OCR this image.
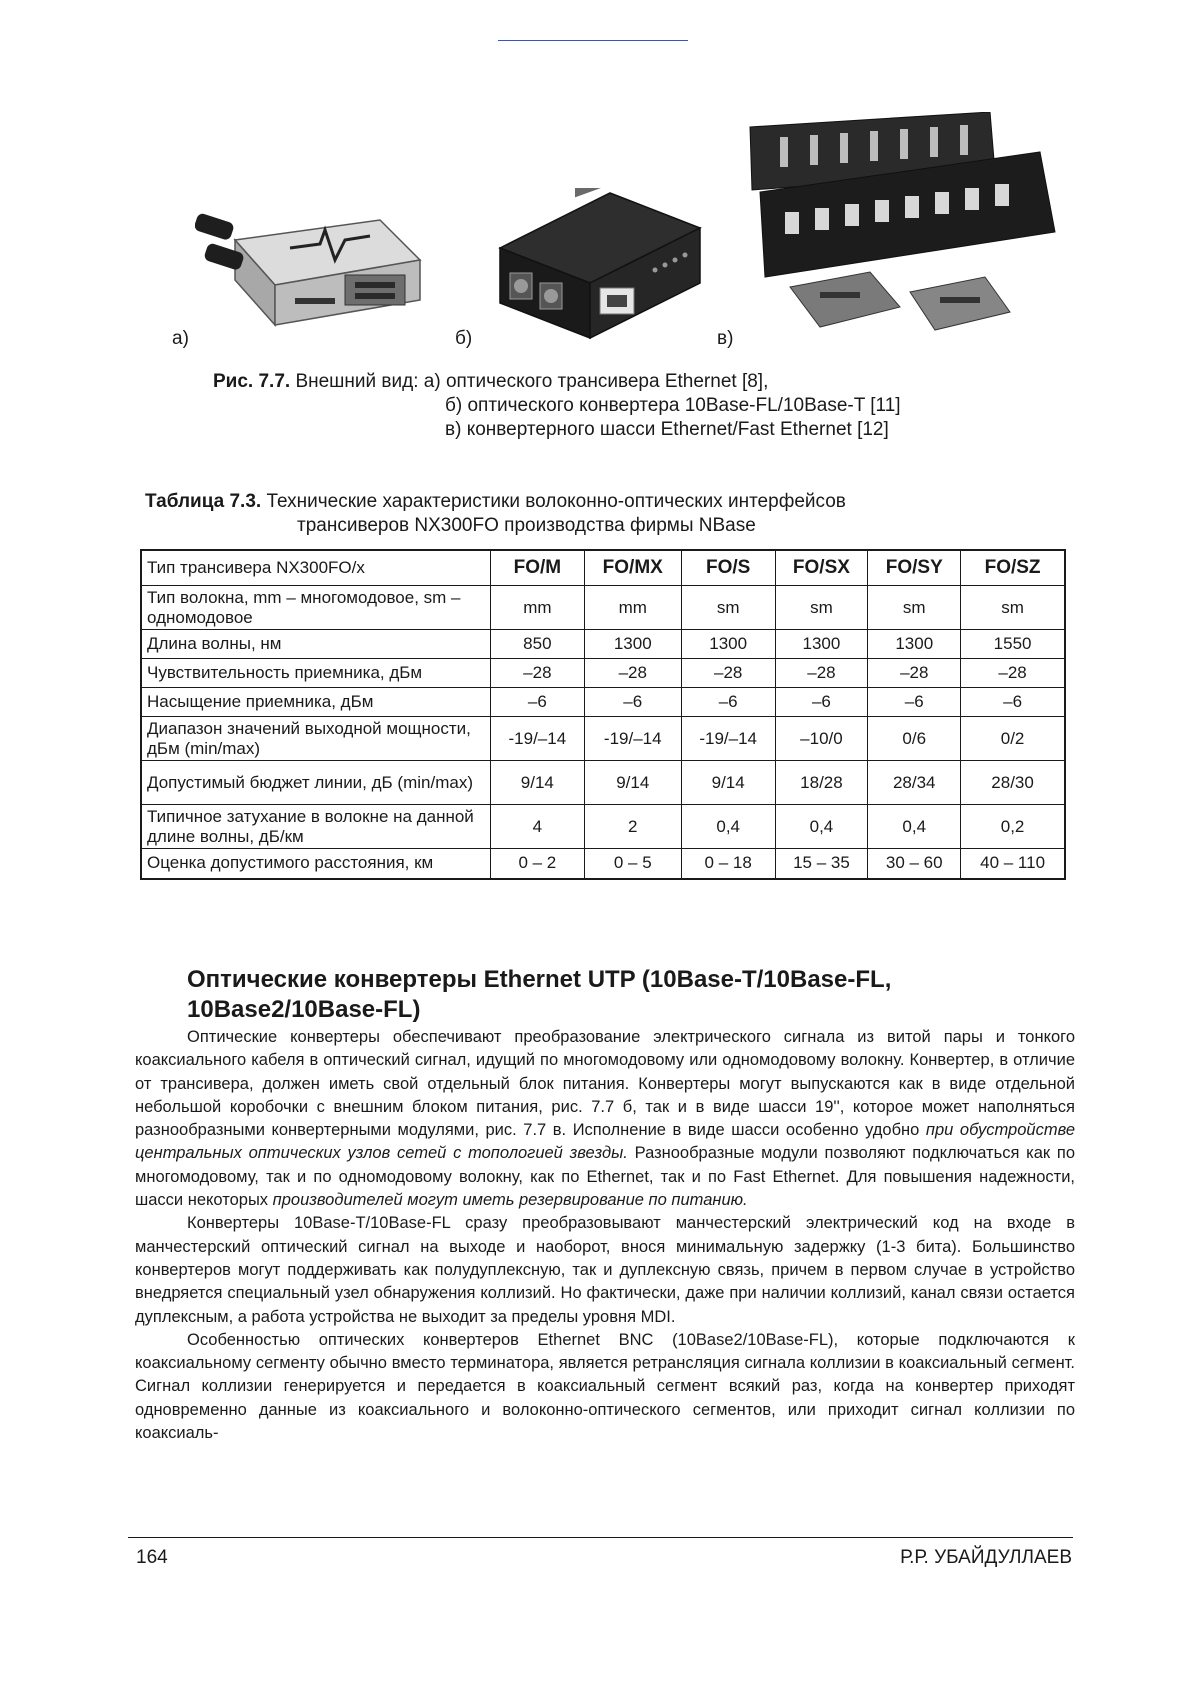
а)	б)	в)
Рис. 7.7. Внешний вид: а) оптического трансивера Ethernet [8],
б) оптического конвертера 10Base-FL/10Base-T [11]
в) конвертерного шасси Ethernet/Fast Ethernet [12]
Таблица 7.3. Технические характеристики волоконно-оптических интерфейсов
трансиверов NX300FO производства фирмы NBase
Тип трансивера NX300FO/x	FO/M	FO/MX	FO/S	FO/SX	FO/SY	FO/SZ
Тип волокна, mm – многомодовое, sm – одномодовое	mm	mm	sm	sm	sm	sm
Длина волны, нм	850	1300	1300	1300	1300	1550
Чувствительность приемника, дБм	–28	–28	–28	–28	–28	–28
Насыщение приемника, дБм	–6	–6	–6	–6	–6	–6
Диапазон значений выходной мощности, дБм (min/max)	-19/–14	-19/–14	-19/–14	–10/0	0/6	0/2
Допустимый бюджет линии, дБ (min/max)	9/14	9/14	9/14	18/28	28/34	28/30
Типичное затухание в волокне на данной длине волны, дБ/км	4	2	0,4	0,4	0,4	0,2
Оценка допустимого расстояния, км	0 – 2	0 – 5	0 – 18	15 – 35	30 – 60	40 – 110
Оптические конвертеры Ethernet UTP (10Base-T/10Base-FL, 10Base2/10Base-FL)

Оптические конвертеры обеспечивают преобразование электрического сигнала из витой пары и тонкого коаксиального кабеля в оптический сигнал, идущий по многомодовому или одномодовому волокну. Конвертер, в отличие от трансивера, должен иметь свой отдельный блок питания. Конвертеры могут выпускаются как в виде отдельной небольшой коробочки с внешним блоком питания, рис. 7.7 б, так и в виде шасси 19'', которое может наполняться разнообразными конвертерными модулями, рис. 7.7 в. Исполнение в виде шасси особенно удобно при обустройстве центральных оптических узлов сетей с топологией звезды. Разнообразные модули позволяют подключаться как по многомодовому, так и по одномодовому волокну, как по Ethernet, так и по Fast Ethernet. Для повышения надежности, шасси некоторых производителей могут иметь резервирование по питанию.

Конвертеры 10Base-T/10Base-FL сразу преобразовывают манчестерский электрический код на входе в манчестерский оптический сигнал на выходе и наоборот, внося минимальную задержку (1-3 бита). Большинство конвертеров могут поддерживать как полудуплексную, так и дуплексную связь, причем в первом случае в устройство внедряется специальный узел обнаружения коллизий. Но фактически, даже при наличии коллизий, канал связи остается дуплексным, а работа устройства не выходит за пределы уровня MDI.

Особенностью оптических конвертеров Ethernet BNC (10Base2/10Base-FL), которые подключаются к коаксиальному сегменту обычно вместо терминатора, является ретрансляция сигнала коллизии в коаксиальный сегмент. Сигнал коллизии генерируется и передается в коаксиальный сегмент всякий раз, когда на конвертер приходят одновременно данные из коаксиального и волоконно-оптического сегментов, или приходит сигнал коллизии по коаксиаль-

164	Р.Р. УБАЙДУЛЛАЕВ
